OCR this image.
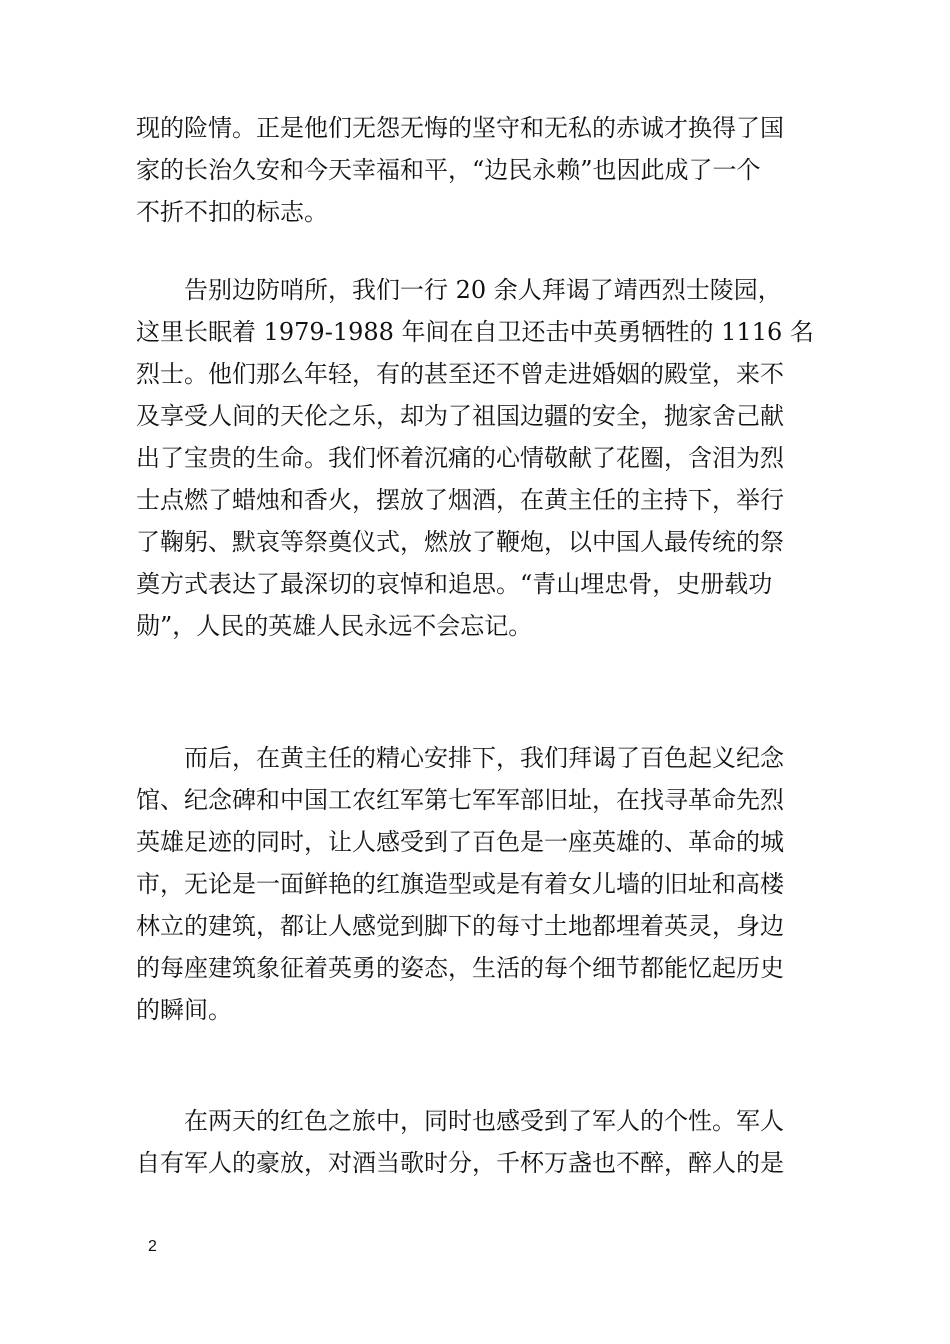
现的险情。正是他们无怨无悔的坚守和无私的赤诚才换得了国
家的长治久安和今天幸福和平，“边民永赖”也因此成了一个
不折不扣的标志。
　　告别边防哨所，我们一行 20 余人拜谒了靖西烈士陵园，
这里长眠着 1979-1988 年间在自卫还击中英勇牺牲的 1116 名
烈士。他们那么年轻，有的甚至还不曾走进婚姻的殿堂，来不
及享受人间的天伦之乐，却为了祖国边疆的安全，抛家舍己献
出了宝贵的生命。我们怀着沉痛的心情敬献了花圈，含泪为烈
士点燃了蜡烛和香火，摆放了烟酒，在黄主任的主持下，举行
了鞠躬、默哀等祭奠仪式，燃放了鞭炮，以中国人最传统的祭
奠方式表达了最深切的哀悼和追思。“青山埋忠骨，史册载功
勋”，人民的英雄人民永远不会忘记。
　　而后，在黄主任的精心安排下，我们拜谒了百色起义纪念
馆、纪念碑和中国工农红军第七军军部旧址，在找寻革命先烈
英雄足迹的同时，让人感受到了百色是一座英雄的、革命的城
市，无论是一面鲜艳的红旗造型或是有着女儿墙的旧址和高楼
林立的建筑，都让人感觉到脚下的每寸土地都埋着英灵，身边
的每座建筑象征着英勇的姿态，生活的每个细节都能忆起历史
的瞬间。
　　在两天的红色之旅中，同时也感受到了军人的个性。军人
自有军人的豪放，对酒当歌时分，千杯万盏也不醉，醉人的是
2
